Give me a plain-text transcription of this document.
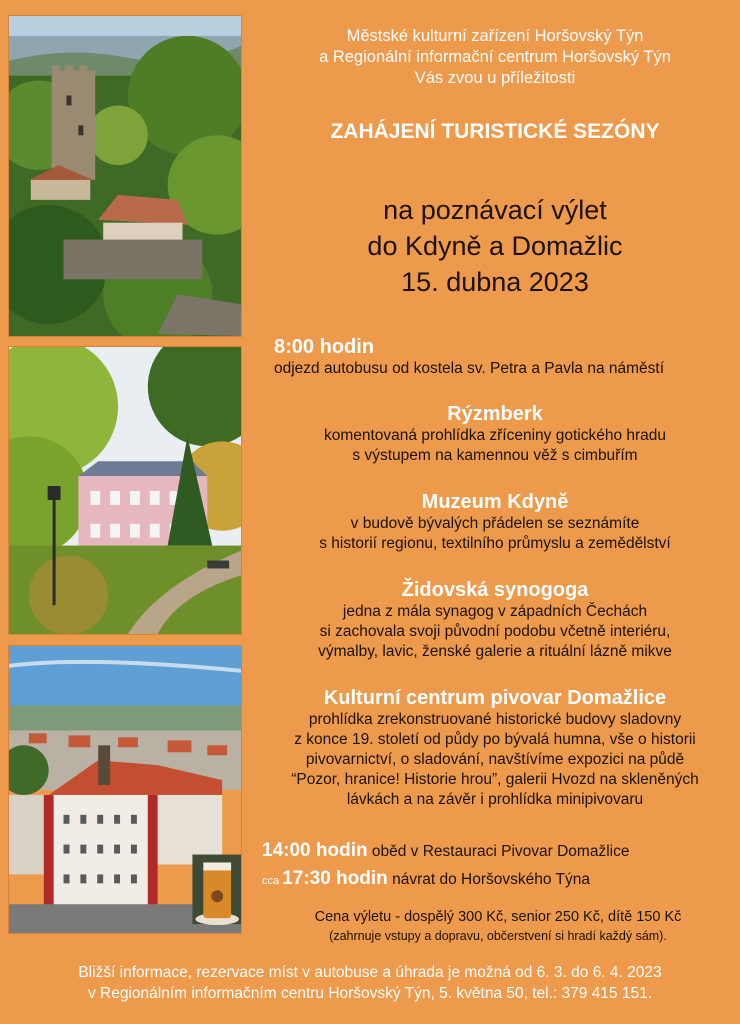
Městské kulturní zařízení Horšovský Týn
a Regionální informační centrum Horšovský Týn
Vás zvou u příležitosti
ZAHÁJENÍ TURISTICKÉ SEZÓNY
na poznávací výlet
do Kdyně a Domažlic
15. dubna 2023
8:00 hodin
odjezd autobusu od kostela sv. Petra a Pavla na náměstí
Rýzmberk
komentovaná prohlídka zříceniny gotického hradu
s výstupem na kamennou věž s cimbuřím
Muzeum Kdyně
v budově bývalých přádelen se seznámíte
s historií regionu, textilního průmyslu a zemědělství
Židovská synogoga
jedna z mála synagog v západních Čechách
si zachovala svoji původní podobu včetně interiéru,
výmalby, lavic, ženské galerie a rituální lázně mikve
Kulturní centrum pivovar Domažlice
prohlídka zrekonstruované historické budovy sladovny
z konce 19. století od půdy po bývalá humna, vše o historii
pivovarnictví, o sladování, navštívíme expozici na půdě
“Pozor, hranice! Historie hrou”, galerii Hvozd na skleněných
lávkách a na závěr i prohlídka minipivovaru
14:00 hodin oběd v Restauraci Pivovar Domažlice
cca 17:30 hodin návrat do Horšovského Týna
Cena výletu - dospělý 300 Kč, senior 250 Kč, dítě 150 Kč
(zahrnuje vstupy a dopravu, občerstvení si hradí každý sám).
Bližší informace, rezervace míst v autobuse a úhrada je možná od 6. 3. do 6. 4. 2023
v Regionálním informačním centru Horšovský Týn, 5. května 50, tel.: 379 415 151.
